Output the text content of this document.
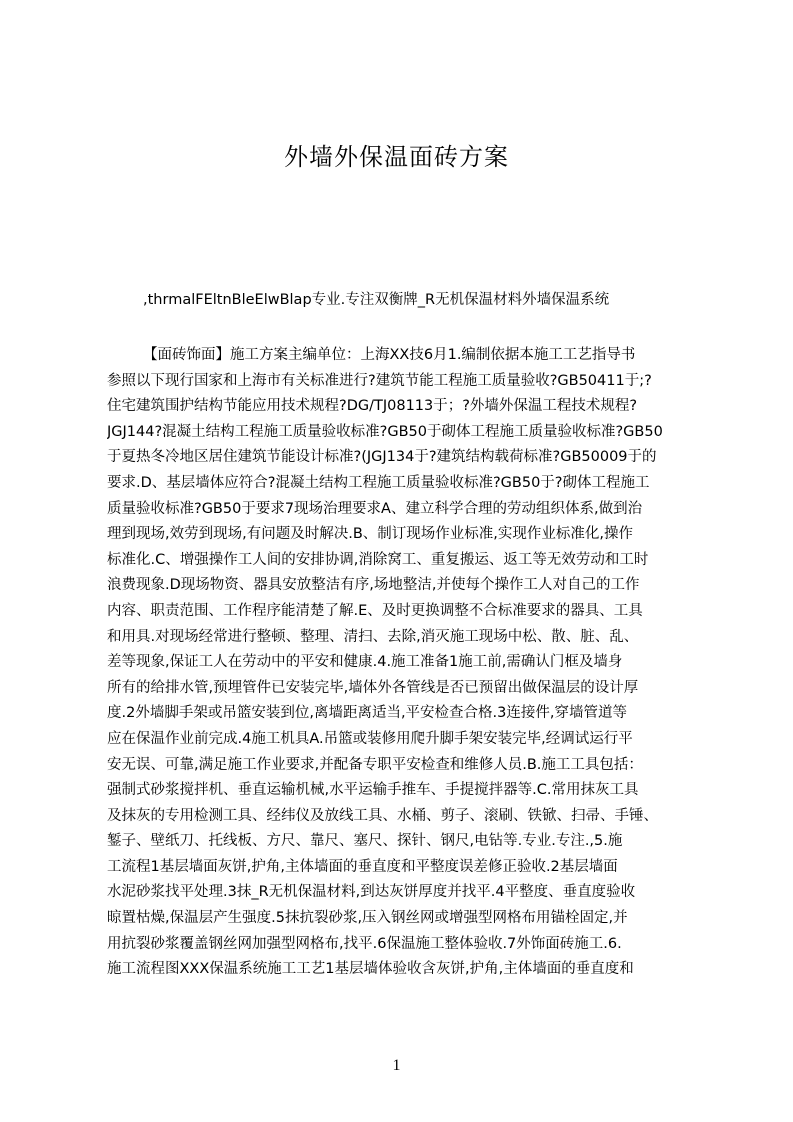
外墙外保温面砖方案
,thrmalFEltnBleElwBlap专业.专注双衡牌_R无机保温材料外墙保温系统
【面砖饰面】施工方案主编单位：上海XX技6月1.编制依据本施工工艺指导书
参照以下现行国家和上海市有关标准进行?建筑节能工程施工质量验收?GB50411于;?
住宅建筑围护结构节能应用技术规程?DG/TJ08113于；?外墙外保温工程技术规程?
JGJ144?混凝土结构工程施工质量验收标准?GB50于砌体工程施工质量验收标准?GB50
于夏热冬冷地区居住建筑节能设计标准?(JGJ134于?建筑结构载荷标准?GB50009于的
要求.D、基层墙体应符合?混凝土结构工程施工质量验收标准?GB50于?砌体工程施工
质量验收标准?GB50于要求7现场治理要求A、建立科学合理的劳动组织体系,做到治
理到现场,效劳到现场,有问题及时解决.B、制订现场作业标准,实现作业标准化,操作
标准化.C、增强操作工人间的安排协调,消除窝工、重复搬运、返工等无效劳动和工时
浪费现象.D现场物资、器具安放整洁有序,场地整洁,并使每个操作工人对自己的工作
内容、职责范围、工作程序能清楚了解.E、及时更换调整不合标准要求的器具、工具
和用具.对现场经常进行整顿、整理、清扫、去除,消灭施工现场中松、散、脏、乱、
差等现象,保证工人在劳动中的平安和健康.4.施工准备1施工前,需确认门框及墙身
所有的给排水管,预埋管件已安装完毕,墙体外各管线是否已预留出做保温层的设计厚
度.2外墙脚手架或吊篮安装到位,离墙距离适当,平安检查合格.3连接件,穿墙管道等
应在保温作业前完成.4施工机具A.吊篮或装修用爬升脚手架安装完毕,经调试运行平
安无误、可靠,满足施工作业要求,并配备专职平安检查和维修人员.B.施工工具包括：
强制式砂浆搅拌机、垂直运输机械,水平运输手推车、手提搅拌器等.C.常用抹灰工具
及抹灰的专用检测工具、经纬仪及放线工具、水桶、剪子、滚刷、铁锨、扫帚、手锤、
錾子、壁纸刀、托线板、方尺、靠尺、塞尺、探针、钢尺,电钻等.专业.专注.,5.施
工流程1基层墙面灰饼,护角,主体墙面的垂直度和平整度误差修正验收.2基层墙面
水泥砂浆找平处理.3抹_R无机保温材料,到达灰饼厚度并找平.4平整度、垂直度验收
晾置枯燥,保温层产生强度.5抹抗裂砂浆,压入钢丝网或增强型网格布用锚栓固定,并
用抗裂砂浆覆盖钢丝网加强型网格布,找平.6保温施工整体验收.7外饰面砖施工.6.
施工流程图XXX保温系统施工工艺1基层墙体验收含灰饼,护角,主体墙面的垂直度和
1
